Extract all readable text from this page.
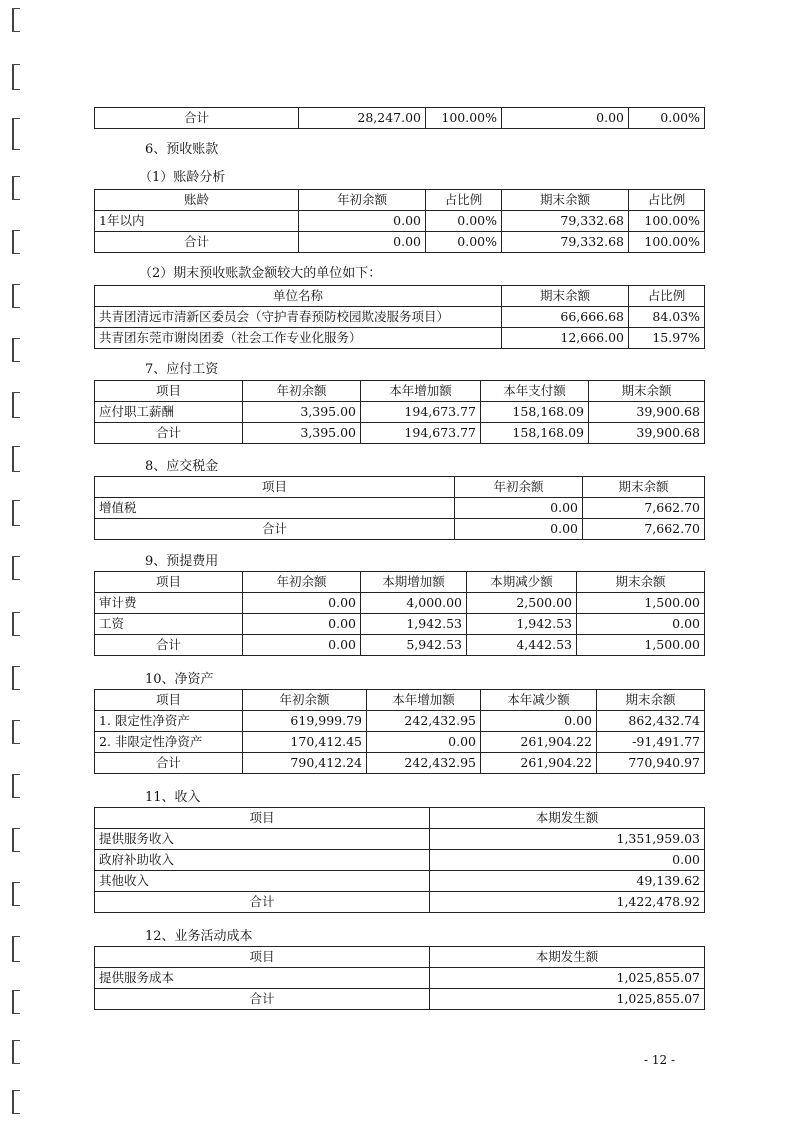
合计	28,247.00	100.00%	0.00	0.00%
6、预收账款
（1）账龄分析
账龄	年初余额	占比例	期末余额	占比例
1年以内	0.00	0.00%	79,332.68	100.00%
合计	0.00	0.00%	79,332.68	100.00%
（2）期末预收账款金额较大的单位如下：
单位名称	期末余额	占比例
共青团清远市清新区委员会（守护青春预防校园欺凌服务项目）	66,666.68	84.03%
共青团东莞市谢岗团委（社会工作专业化服务）	12,666.00	15.97%
7、应付工资
项目	年初余额	本年增加额	本年支付额	期末余额
应付职工薪酬	3,395.00	194,673.77	158,168.09	39,900.68
合计	3,395.00	194,673.77	158,168.09	39,900.68
8、应交税金
项目	年初余额	期末余额
增值税	0.00	7,662.70
合计	0.00	7,662.70
9、预提费用
项目	年初余额	本期增加额	本期减少额	期末余额
审计费	0.00	4,000.00	2,500.00	1,500.00
工资	0.00	1,942.53	1,942.53	0.00
合计	0.00	5,942.53	4,442.53	1,500.00
10、净资产
项目	年初余额	本年增加额	本年减少额	期末余额
1. 限定性净资产	619,999.79	242,432.95	0.00	862,432.74
2. 非限定性净资产	170,412.45	0.00	261,904.22	-91,491.77
合计	790,412.24	242,432.95	261,904.22	770,940.97
11、收入
项目	本期发生额
提供服务收入	1,351,959.03
政府补助收入	0.00
其他收入	49,139.62
合计	1,422,478.92
12、业务活动成本
项目	本期发生额
提供服务成本	1,025,855.07
合计	1,025,855.07
- 12 -
